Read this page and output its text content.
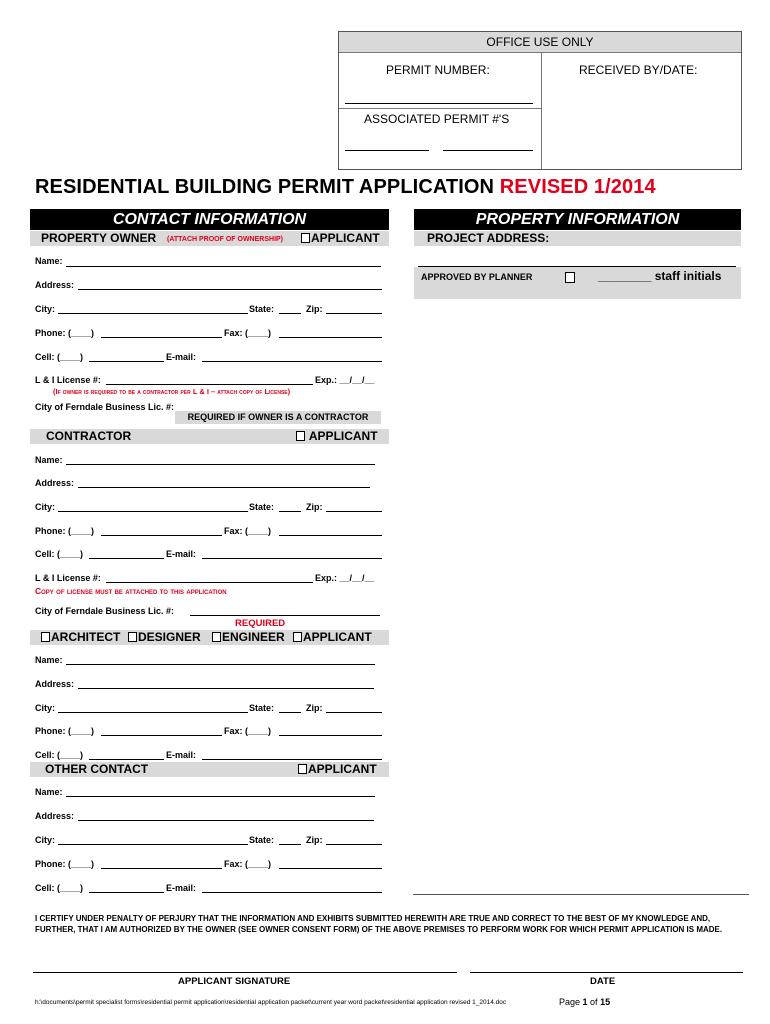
OFFICE USE ONLY
PERMIT NUMBER:	RECEIVED BY/DATE:
ASSOCIATED PERMIT #'S
RESIDENTIAL BUILDING PERMIT APPLICATION REVISED 1/2014
CONTACT INFORMATION	PROPERTY INFORMATION
PROPERTY OWNER (ATTACH PROOF OF OWNERSHIP)	APPLICANT	PROJECT ADDRESS:
APPROVED BY PLANNER	________ staff initials
Name:
Address:
City:	State:	Zip:
Phone: (____)	Fax: (____)
Cell: (____)	E-mail:
L & I License #:	Exp.: __/__/__
(If owner is required to be a contractor per L & I – attach copy of License)
City of Ferndale Business Lic. #:
REQUIRED IF OWNER IS A CONTRACTOR
CONTRACTOR	APPLICANT
Name:
Address:
City:	State:	Zip:
Phone: (____)	Fax: (____)
Cell: (____)	E-mail:
L & I License #:	Exp.: __/__/__
Copy of license must be attached to this application
City of Ferndale Business Lic. #:
REQUIRED
ARCHITECT	DESIGNER	ENGINEER	APPLICANT
Name:
Address:
City:	State:	Zip:
Phone: (____)	Fax: (____)
Cell: (____)	E-mail:
OTHER CONTACT	APPLICANT
Name:
Address:
City:	State:	Zip:
Phone: (____)	Fax: (____)
Cell: (____)	E-mail:
I CERTIFY UNDER PENALTY OF PERJURY THAT THE INFORMATION AND EXHIBITS SUBMITTED HEREWITH ARE TRUE AND CORRECT TO THE BEST OF MY KNOWLEDGE AND, FURTHER, THAT I AM AUTHORIZED BY THE OWNER (SEE OWNER CONSENT FORM) OF THE ABOVE PREMISES TO PERFORM WORK FOR WHICH PERMIT APPLICATION IS MADE.
APPLICANT SIGNATURE	DATE
h:\documents\permit specialist forms\residential permit application\residential application packet\current year word packet\residential application revised 1_2014.doc	Page 1 of 15
